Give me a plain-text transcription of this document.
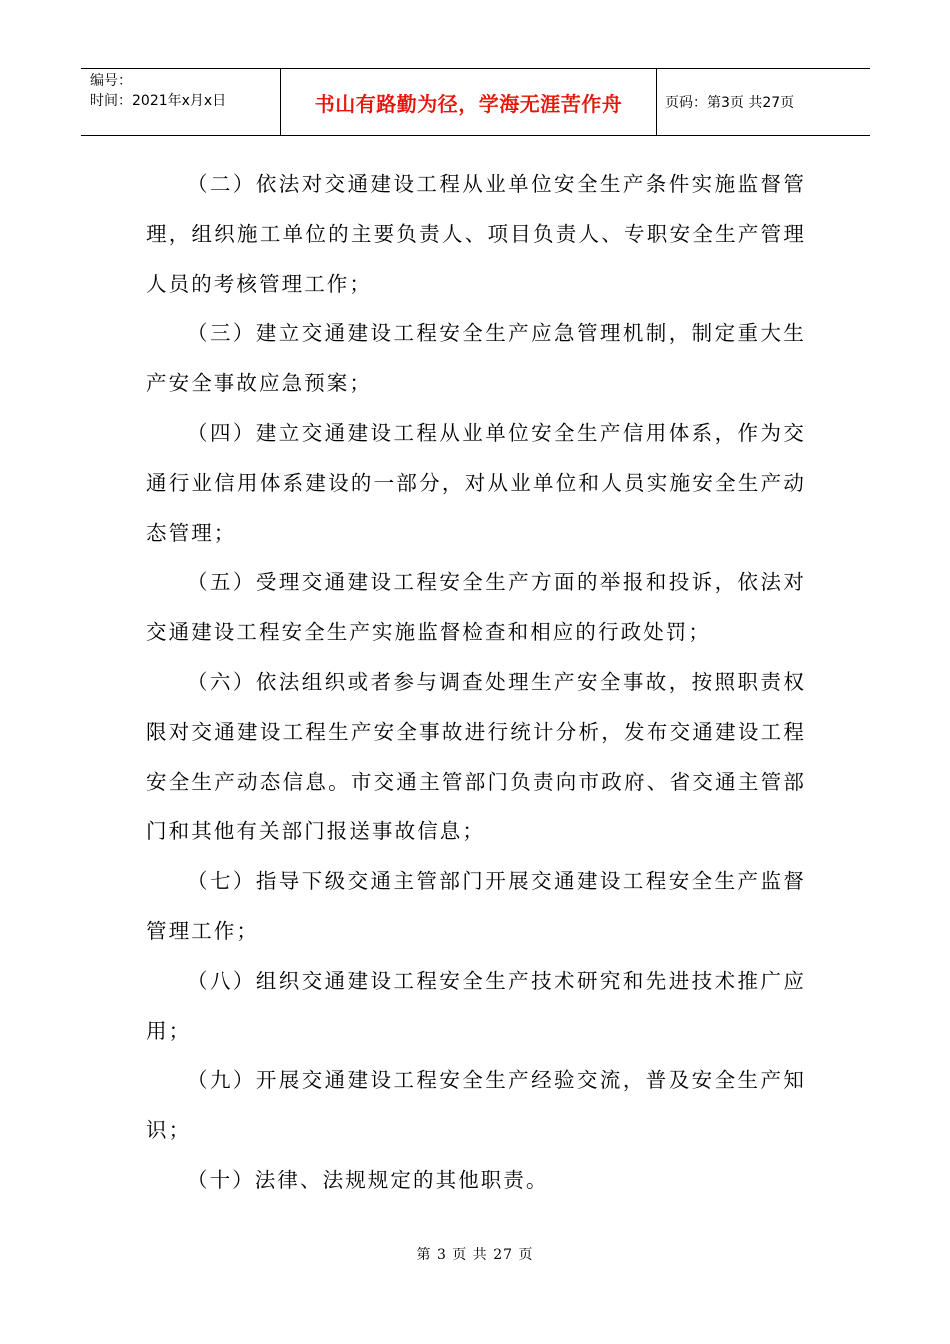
编号：
时间：2021年x月x日	书山有路勤为径，学海无涯苦作舟	页码：第3页 共27页

（二）依法对交通建设工程从业单位安全生产条件实施监督管理，组织施工单位的主要负责人、项目负责人、专职安全生产管理人员的考核管理工作；

（三）建立交通建设工程安全生产应急管理机制，制定重大生产安全事故应急预案；

（四）建立交通建设工程从业单位安全生产信用体系，作为交通行业信用体系建设的一部分，对从业单位和人员实施安全生产动态管理；

（五）受理交通建设工程安全生产方面的举报和投诉，依法对交通建设工程安全生产实施监督检查和相应的行政处罚；

（六）依法组织或者参与调查处理生产安全事故，按照职责权限对交通建设工程生产安全事故进行统计分析，发布交通建设工程安全生产动态信息。市交通主管部门负责向市政府、省交通主管部门和其他有关部门报送事故信息；

（七）指导下级交通主管部门开展交通建设工程安全生产监督管理工作；

（八）组织交通建设工程安全生产技术研究和先进技术推广应用；

（九）开展交通建设工程安全生产经验交流，普及安全生产知识；

（十）法律、法规规定的其他职责。

第 3 页 共 27 页
